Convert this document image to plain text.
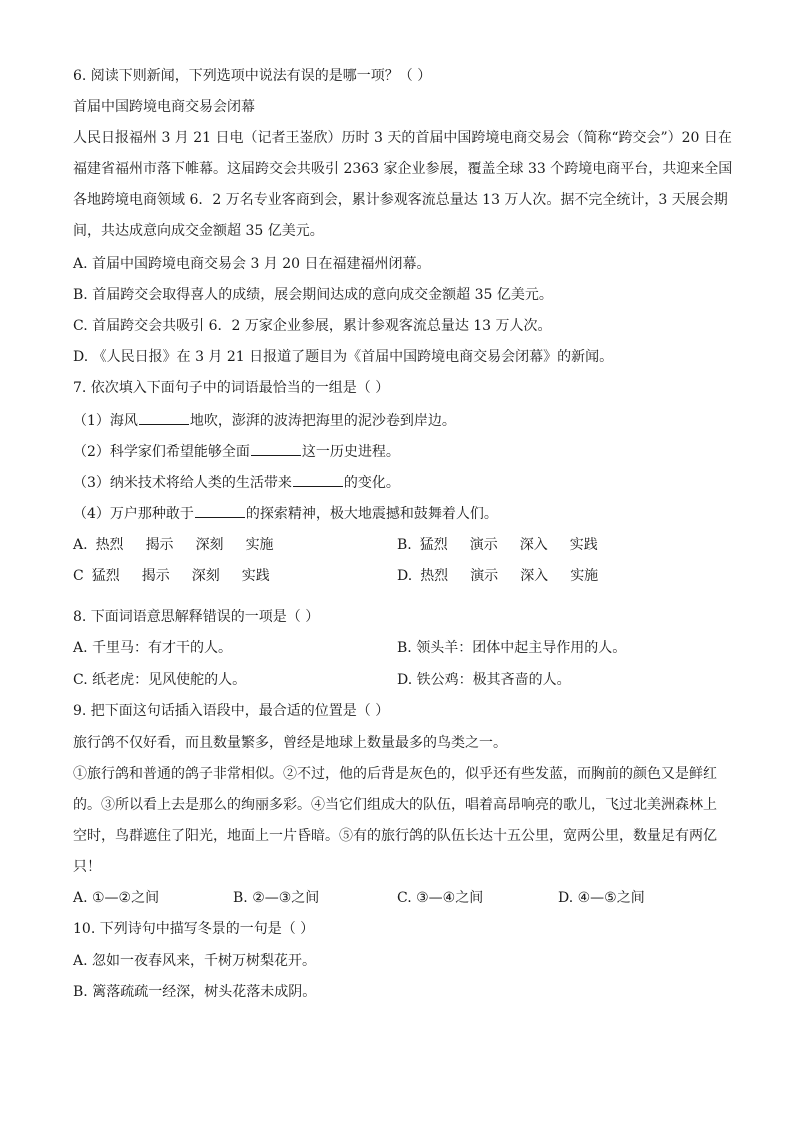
6. 阅读下则新闻，下列选项中说法有误的是哪一项？（ ）
首届中国跨境电商交易会闭幕
人民日报福州 3 月 21 日电（记者王崟欣）历时 3 天的首届中国跨境电商交易会（简称“跨交会”）20 日在
福建省福州市落下帷幕。这届跨交会共吸引 2363 家企业参展，覆盖全球 33 个跨境电商平台，共迎来全国
各地跨境电商领域 6．2 万名专业客商到会，累计参观客流总量达 13 万人次。据不完全统计，3 天展会期
间，共达成意向成交金额超 35 亿美元。
A. 首届中国跨境电商交易会 3 月 20 日在福建福州闭幕。
B. 首届跨交会取得喜人的成绩，展会期间达成的意向成交金额超 35 亿美元。
C. 首届跨交会共吸引 6．2 万家企业参展，累计参观客流总量达 13 万人次。
D. 《人民日报》在 3 月 21 日报道了题目为《首届中国跨境电商交易会闭幕》的新闻。
7. 依次填入下面句子中的词语最恰当的一组是（ ）
（1）海风	地吹，澎湃的波涛把海里的泥沙卷到岸边。
（2）科学家们希望能够全面	这一历史进程。
（3）纳米技术将给人类的生活带来	的变化。
（4）万户那种敢于	的探索精神，极大地震撼和鼓舞着人们。
A. 热烈 揭示 深刻 实施	B. 猛烈 演示 深入 实践
C 猛烈 揭示 深刻 实践	D. 热烈 演示 深入 实施
8. 下面词语意思解释错误的一项是（ ）
A. 千里马：有才干的人。	B. 领头羊：团体中起主导作用的人。
C. 纸老虎：见风使舵的人。	D. 铁公鸡：极其吝啬的人。
9. 把下面这句话插入语段中，最合适的位置是（ ）
旅行鸽不仅好看，而且数量繁多，曾经是地球上数量最多的鸟类之一。
①旅行鸽和普通的鸽子非常相似。②不过，他的后背是灰色的，似乎还有些发蓝，而胸前的颜色又是鲜红
的。③所以看上去是那么的绚丽多彩。④当它们组成大的队伍，唱着高昂响亮的歌儿，飞过北美洲森林上
空时，鸟群遮住了阳光，地面上一片昏暗。⑤有的旅行鸽的队伍长达十五公里，宽两公里，数量足有两亿
只！
A. ①—②之间	B. ②—③之间	C. ③—④之间	D. ④—⑤之间
10. 下列诗句中描写冬景的一句是（ ）
A. 忽如一夜春风来，千树万树梨花开。
B. 篱落疏疏一经深，树头花落未成阴。
